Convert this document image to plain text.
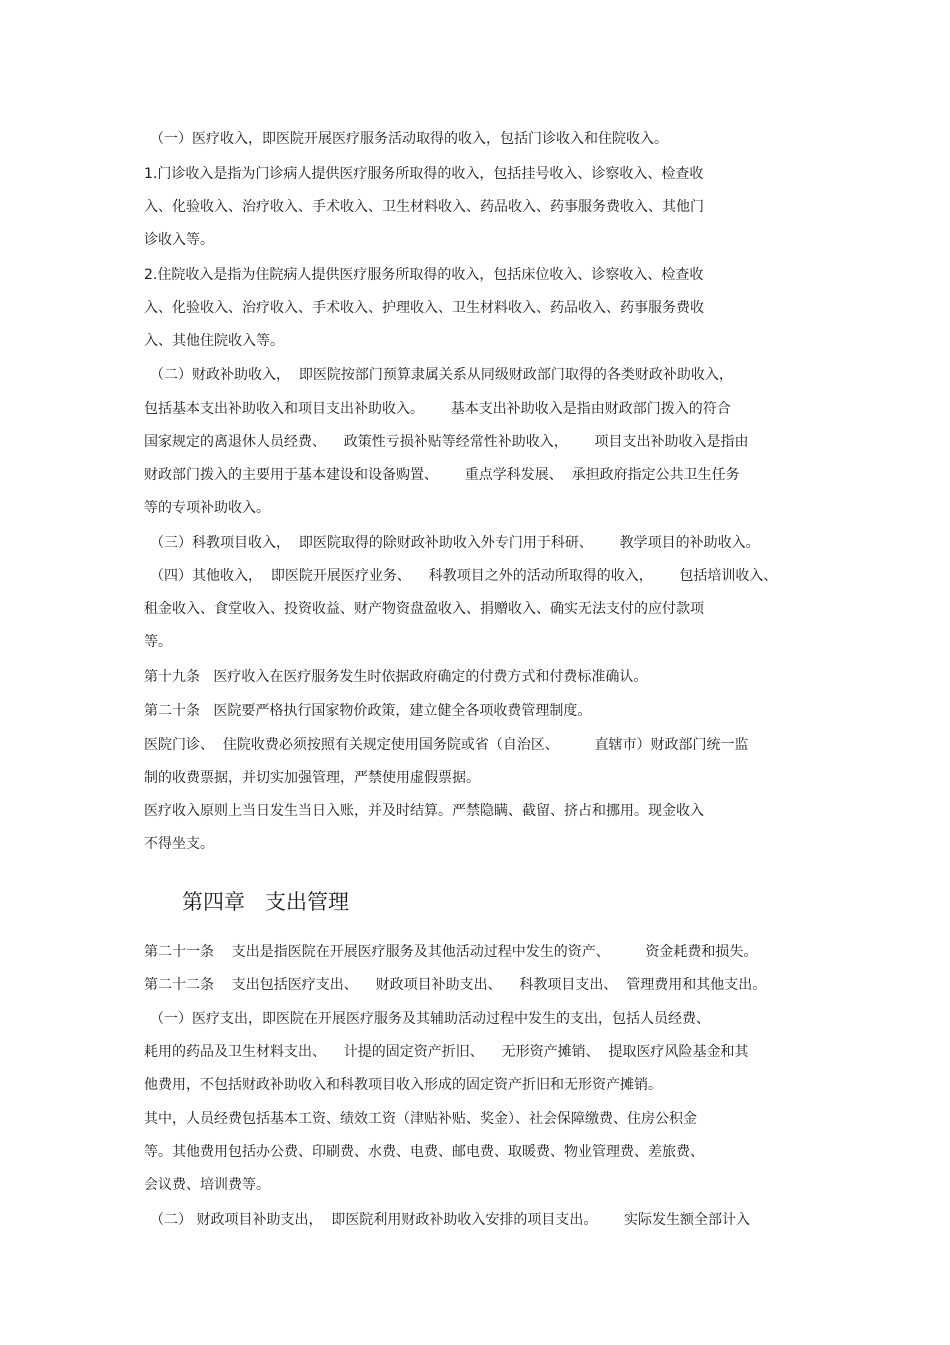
（一）医疗收入，即医院开展医疗服务活动取得的收入，包括门诊收入和住院收入。
1.门诊收入是指为门诊病人提供医疗服务所取得的收入，包括挂号收入、诊察收入、检查收
入、化验收入、治疗收入、手术收入、卫生材料收入、药品收入、药事服务费收入、其他门
诊收入等。
2.住院收入是指为住院病人提供医疗服务所取得的收入，包括床位收入、诊察收入、检查收
入、化验收入、治疗收入、手术收入、护理收入、卫生材料收入、药品收入、药事服务费收
入、其他住院收入等。
（二）财政补助收入，  即医院按部门预算隶属关系从同级财政部门取得的各类财政补助收入，
包括基本支出补助收入和项目支出补助收入。      基本支出补助收入是指由财政部门拨入的符合
国家规定的离退休人员经费、    政策性亏损补贴等经常性补助收入，      项目支出补助收入是指由
财政部门拨入的主要用于基本建设和设备购置、      重点学科发展、  承担政府指定公共卫生任务
等的专项补助收入。
（三）科教项目收入，  即医院取得的除财政补助收入外专门用于科研、      教学项目的补助收入。
（四）其他收入，  即医院开展医疗业务、    科教项目之外的活动所取得的收入，      包括培训收入、
租金收入、食堂收入、投资收益、财产物资盘盈收入、捐赠收入、确实无法支付的应付款项
等。
第十九条   医疗收入在医疗服务发生时依据政府确定的付费方式和付费标准确认。
第二十条   医院要严格执行国家物价政策，建立健全各项收费管理制度。
医院门诊、  住院收费必须按照有关规定使用国务院或省（自治区、        直辖市）财政部门统一监
制的收费票据，并切实加强管理，严禁使用虚假票据。
医疗收入原则上当日发生当日入账，并及时结算。严禁隐瞒、截留、挤占和挪用。现金收入
不得坐支。
第四章   支出管理
第二十一条    支出是指医院在开展医疗服务及其他活动过程中发生的资产、        资金耗费和损失。
第二十二条    支出包括医疗支出、    财政项目补助支出、    科教项目支出、  管理费用和其他支出。
（一）医疗支出，即医院在开展医疗服务及其辅助活动过程中发生的支出，包括人员经费、
耗用的药品及卫生材料支出、    计提的固定资产折旧、    无形资产摊销、  提取医疗风险基金和其
他费用，不包括财政补助收入和科教项目收入形成的固定资产折旧和无形资产摊销。
其中，人员经费包括基本工资、绩效工资（津贴补贴、奖金）、社会保障缴费、住房公积金
等。其他费用包括办公费、印刷费、水费、电费、邮电费、取暖费、物业管理费、差旅费、
会议费、培训费等。
（二） 财政项目补助支出，  即医院利用财政补助收入安排的项目支出。      实际发生额全部计入
